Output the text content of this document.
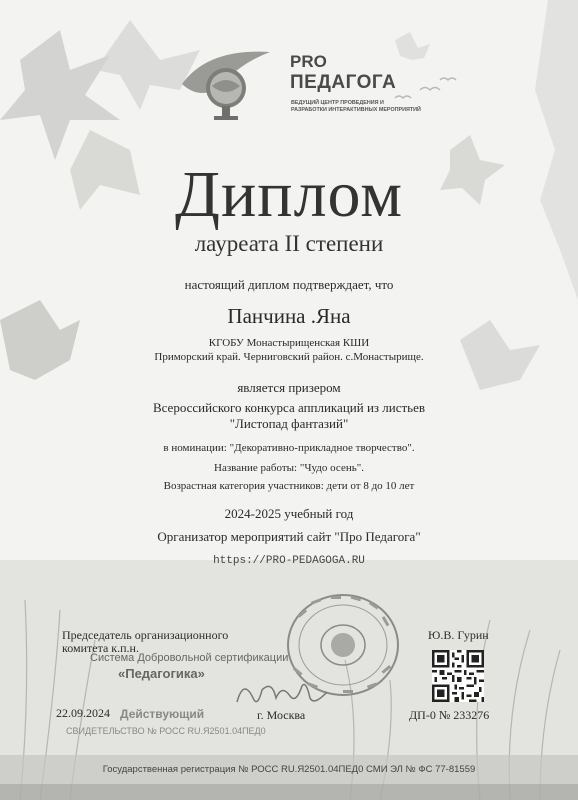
PRO
ПЕДАГОГА
ВЕДУЩИЙ ЦЕНТР ПРОВЕДЕНИЯ И РАЗРАБОТКИ ИНТЕРАКТИВНЫХ МЕРОПРИЯТИЙ
Диплом
лауреата II степени
настоящий диплом подтверждает, что
Панчина .Яна
КГОБУ Монастырищенская КШИ
Приморский край. Черниговский район. с.Монастырище.
является призером
Всероссийского конкурса аппликаций из листьев
"Листопад фантазий"
в номинации: "Декоративно-прикладное творчество".
Название работы: "Чудо осень".
Возрастная категория участников: дети от 8 до 10 лет
2024-2025 учебный год
Организатор мероприятий сайт "Про Педагога"
https://PRO-PEDAGOGA.RU
Председатель организационного
комитета к.п.н.
Система Добровольной сертификации
«Педагогика»
Действующий
СВИДЕТЕЛЬСТВО № РОСС RU.Я2501.04ПЕД0
22.09.2024	г. Москва
Ю.В. Гурин
ДП-0 № 233276
Государственная регистрация № РОСС RU.Я2501.04ПЕД0 СМИ ЭЛ № ФС 77-81559
